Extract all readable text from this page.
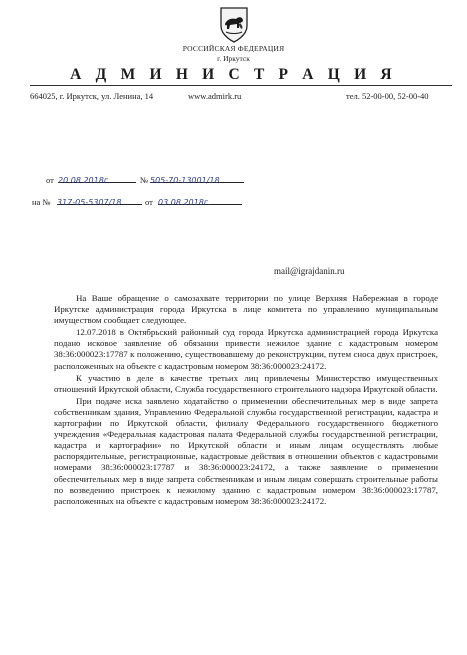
РОССИЙСКАЯ ФЕДЕРАЦИЯ
г. Иркутск
А Д М И Н И С Т Р А Ц И Я
664025, г. Иркутск, ул. Ленина, 14	www.admirk.ru	тел. 52-00-00, 52-00-40
от 20.08.2018г.	№ 505-70-13001/18
на № 317-05-5307/18	от 03.08.2018г.
mail@igrajdanin.ru

На Ваше обращение о самозахвате территории по улице Верхняя Набережная в городе Иркутске администрация города Иркутска в лице комитета по управлению муниципальным имуществом сообщает следующее.

12.07.2018 в Октябрьский районный суд города Иркутска администрацией города Иркутска подано исковое заявление об обязании привести нежилое здание с кадастровым номером 38:36:000023:17787 к положению, существовавшему до реконструкции, путем сноса двух пристроек, расположенных на объекте с кадастровым номером 38:36:000023:24172.

К участию в деле в качестве третьих лиц привлечены Министерство имущественных отношений Иркутской области, Служба государственного строительного надзора Иркутской области.

При подаче иска заявлено ходатайство о применении обеспечительных мер в виде запрета собственникам здания, Управлению Федеральной службы государственной регистрации, кадастра и картографии по Иркутской области, филиалу Федерального государственного бюджетного учреждения «Федеральная кадастровая палата Федеральной службы государственной регистрации, кадастра и картографии» по Иркутской области и иным лицам осуществлять любые распорядительные, регистрационные, кадастровые действия в отношении объектов с кадастровыми номерами 38:36:000023:17787 и 38:36:000023:24172, а также заявление о применении обеспечительных мер в виде запрета собственникам и иным лицам совершать строительные работы по возведению пристроек к нежилому зданию с кадастровым номером 38:36:000023:17787, расположенных на объекте с кадастровым номером 38:36:000023:24172.
